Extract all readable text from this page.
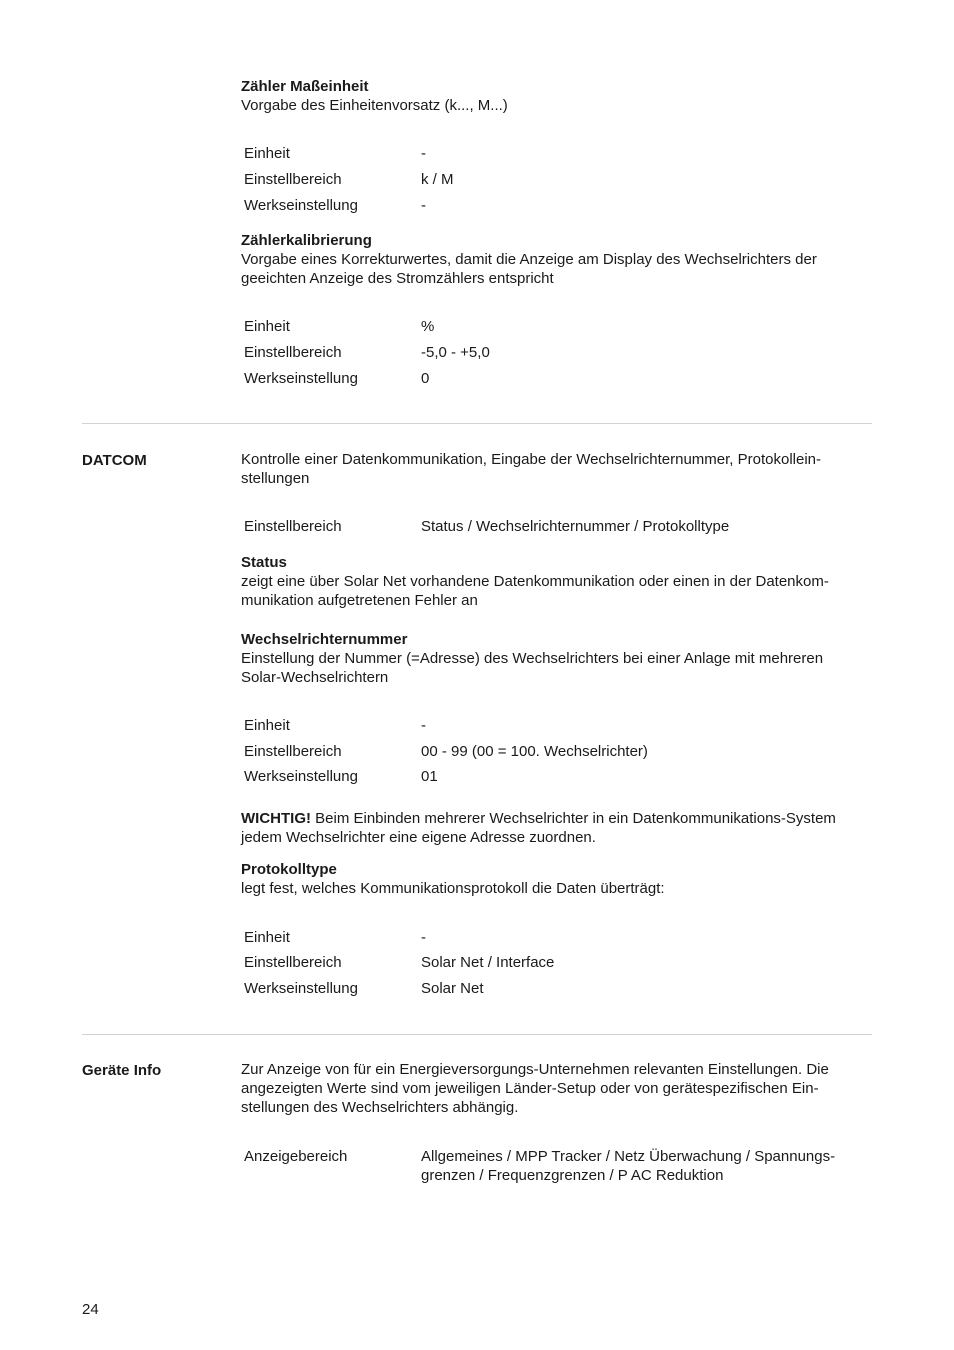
Zähler Maßeinheit
Vorgabe des Einheitenvorsatz (k..., M...)
Einheit	-
Einstellbereich	k / M
Werkseinstellung	-
Zählerkalibrierung
Vorgabe eines Korrekturwertes, damit die Anzeige am Display des Wechselrichters der
geeichten Anzeige des Stromzählers entspricht
Einheit	%
Einstellbereich	-5,0 - +5,0
Werkseinstellung	0
DATCOM	Kontrolle einer Datenkommunikation, Eingabe der Wechselrichternummer, Protokollein-
stellungen
Einstellbereich	Status / Wechselrichternummer / Protokolltype
Status
zeigt eine über Solar Net vorhandene Datenkommunikation oder einen in der Datenkom-
munikation aufgetretenen Fehler an
Wechselrichternummer
Einstellung der Nummer (=Adresse) des Wechselrichters bei einer Anlage mit mehreren
Solar-Wechselrichtern
Einheit	-
Einstellbereich	00 - 99 (00 = 100. Wechselrichter)
Werkseinstellung	01
WICHTIG! Beim Einbinden mehrerer Wechselrichter in ein Datenkommunikations-System
jedem Wechselrichter eine eigene Adresse zuordnen.
Protokolltype
legt fest, welches Kommunikationsprotokoll die Daten überträgt:
Einheit	-
Einstellbereich	Solar Net / Interface
Werkseinstellung	Solar Net
Geräte Info	Zur Anzeige von für ein Energieversorgungs-Unternehmen relevanten Einstellungen. Die
angezeigten Werte sind vom jeweiligen Länder-Setup oder von gerätespezifischen Ein-
stellungen des Wechselrichters abhängig.
Anzeigebereich	Allgemeines / MPP Tracker / Netz Überwachung / Spannungs-
grenzen / Frequenzgrenzen / P AC Reduktion
24
